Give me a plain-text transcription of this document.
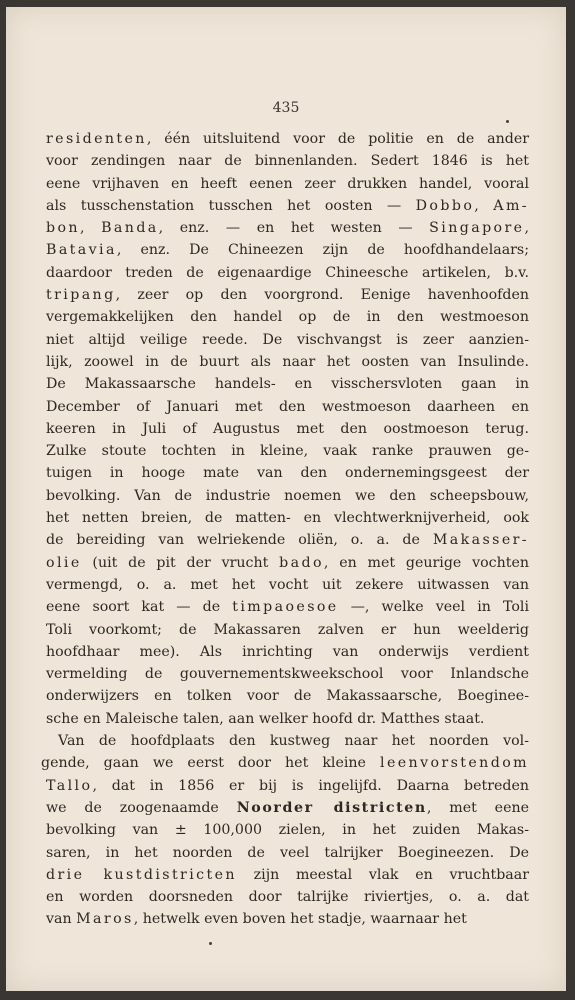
435
residenten, één uitsluitend voor de politie en de ander
voor zendingen naar de binnenlanden. Sedert 1846 is het
eene vrijhaven en heeft eenen zeer drukken handel, vooral
als tusschenstation tusschen het oosten — Dobbo, Am-
bon, Banda, enz. — en het westen — Singapore,
Batavia, enz. De Chineezen zijn de hoofdhandelaars;
daardoor treden de eigenaardige Chineesche artikelen, b.v.
tripang, zeer op den voorgrond. Eenige havenhoofden
vergemakkelijken den handel op de in den westmoeson
niet altijd veilige reede. De vischvangst is zeer aanzien-
lijk, zoowel in de buurt als naar het oosten van Insulinde.
De Makassaarsche handels- en visschersvloten gaan in
December of Januari met den westmoeson daarheen en
keeren in Juli of Augustus met den oostmoeson terug.
Zulke stoute tochten in kleine, vaak ranke prauwen ge-
tuigen in hooge mate van den ondernemingsgeest der
bevolking. Van de industrie noemen we den scheepsbouw,
het netten breien, de matten- en vlechtwerknijverheid, ook
de bereiding van welriekende oliën, o. a. de Makasser-
olie (uit de pit der vrucht bado, en met geurige vochten
vermengd, o. a. met het vocht uit zekere uitwassen van
eene soort kat — de timpaoesoe —, welke veel in Toli
Toli voorkomt; de Makassaren zalven er hun weelderig
hoofdhaar mee). Als inrichting van onderwijs verdient
vermelding de gouvernementskweekschool voor Inlandsche
onderwijzers en tolken voor de Makassaarsche, Boeginee-
sche en Maleische talen, aan welker hoofd dr. Matthes staat.
Van de hoofdplaats den kustweg naar het noorden vol-
gende, gaan we eerst door het kleine leenvorstendom
Tallo, dat in 1856 er bij is ingelijfd. Daarna betreden
we de zoogenaamde Noorder districten, met eene
bevolking van ± 100,000 zielen, in het zuiden Makas-
saren, in het noorden de veel talrijker Boegineezen. De
drie kustdistricten zijn meestal vlak en vruchtbaar
en worden doorsneden door talrijke riviertjes, o. a. dat
van Maros, hetwelk even boven het stadje, waarnaar het
